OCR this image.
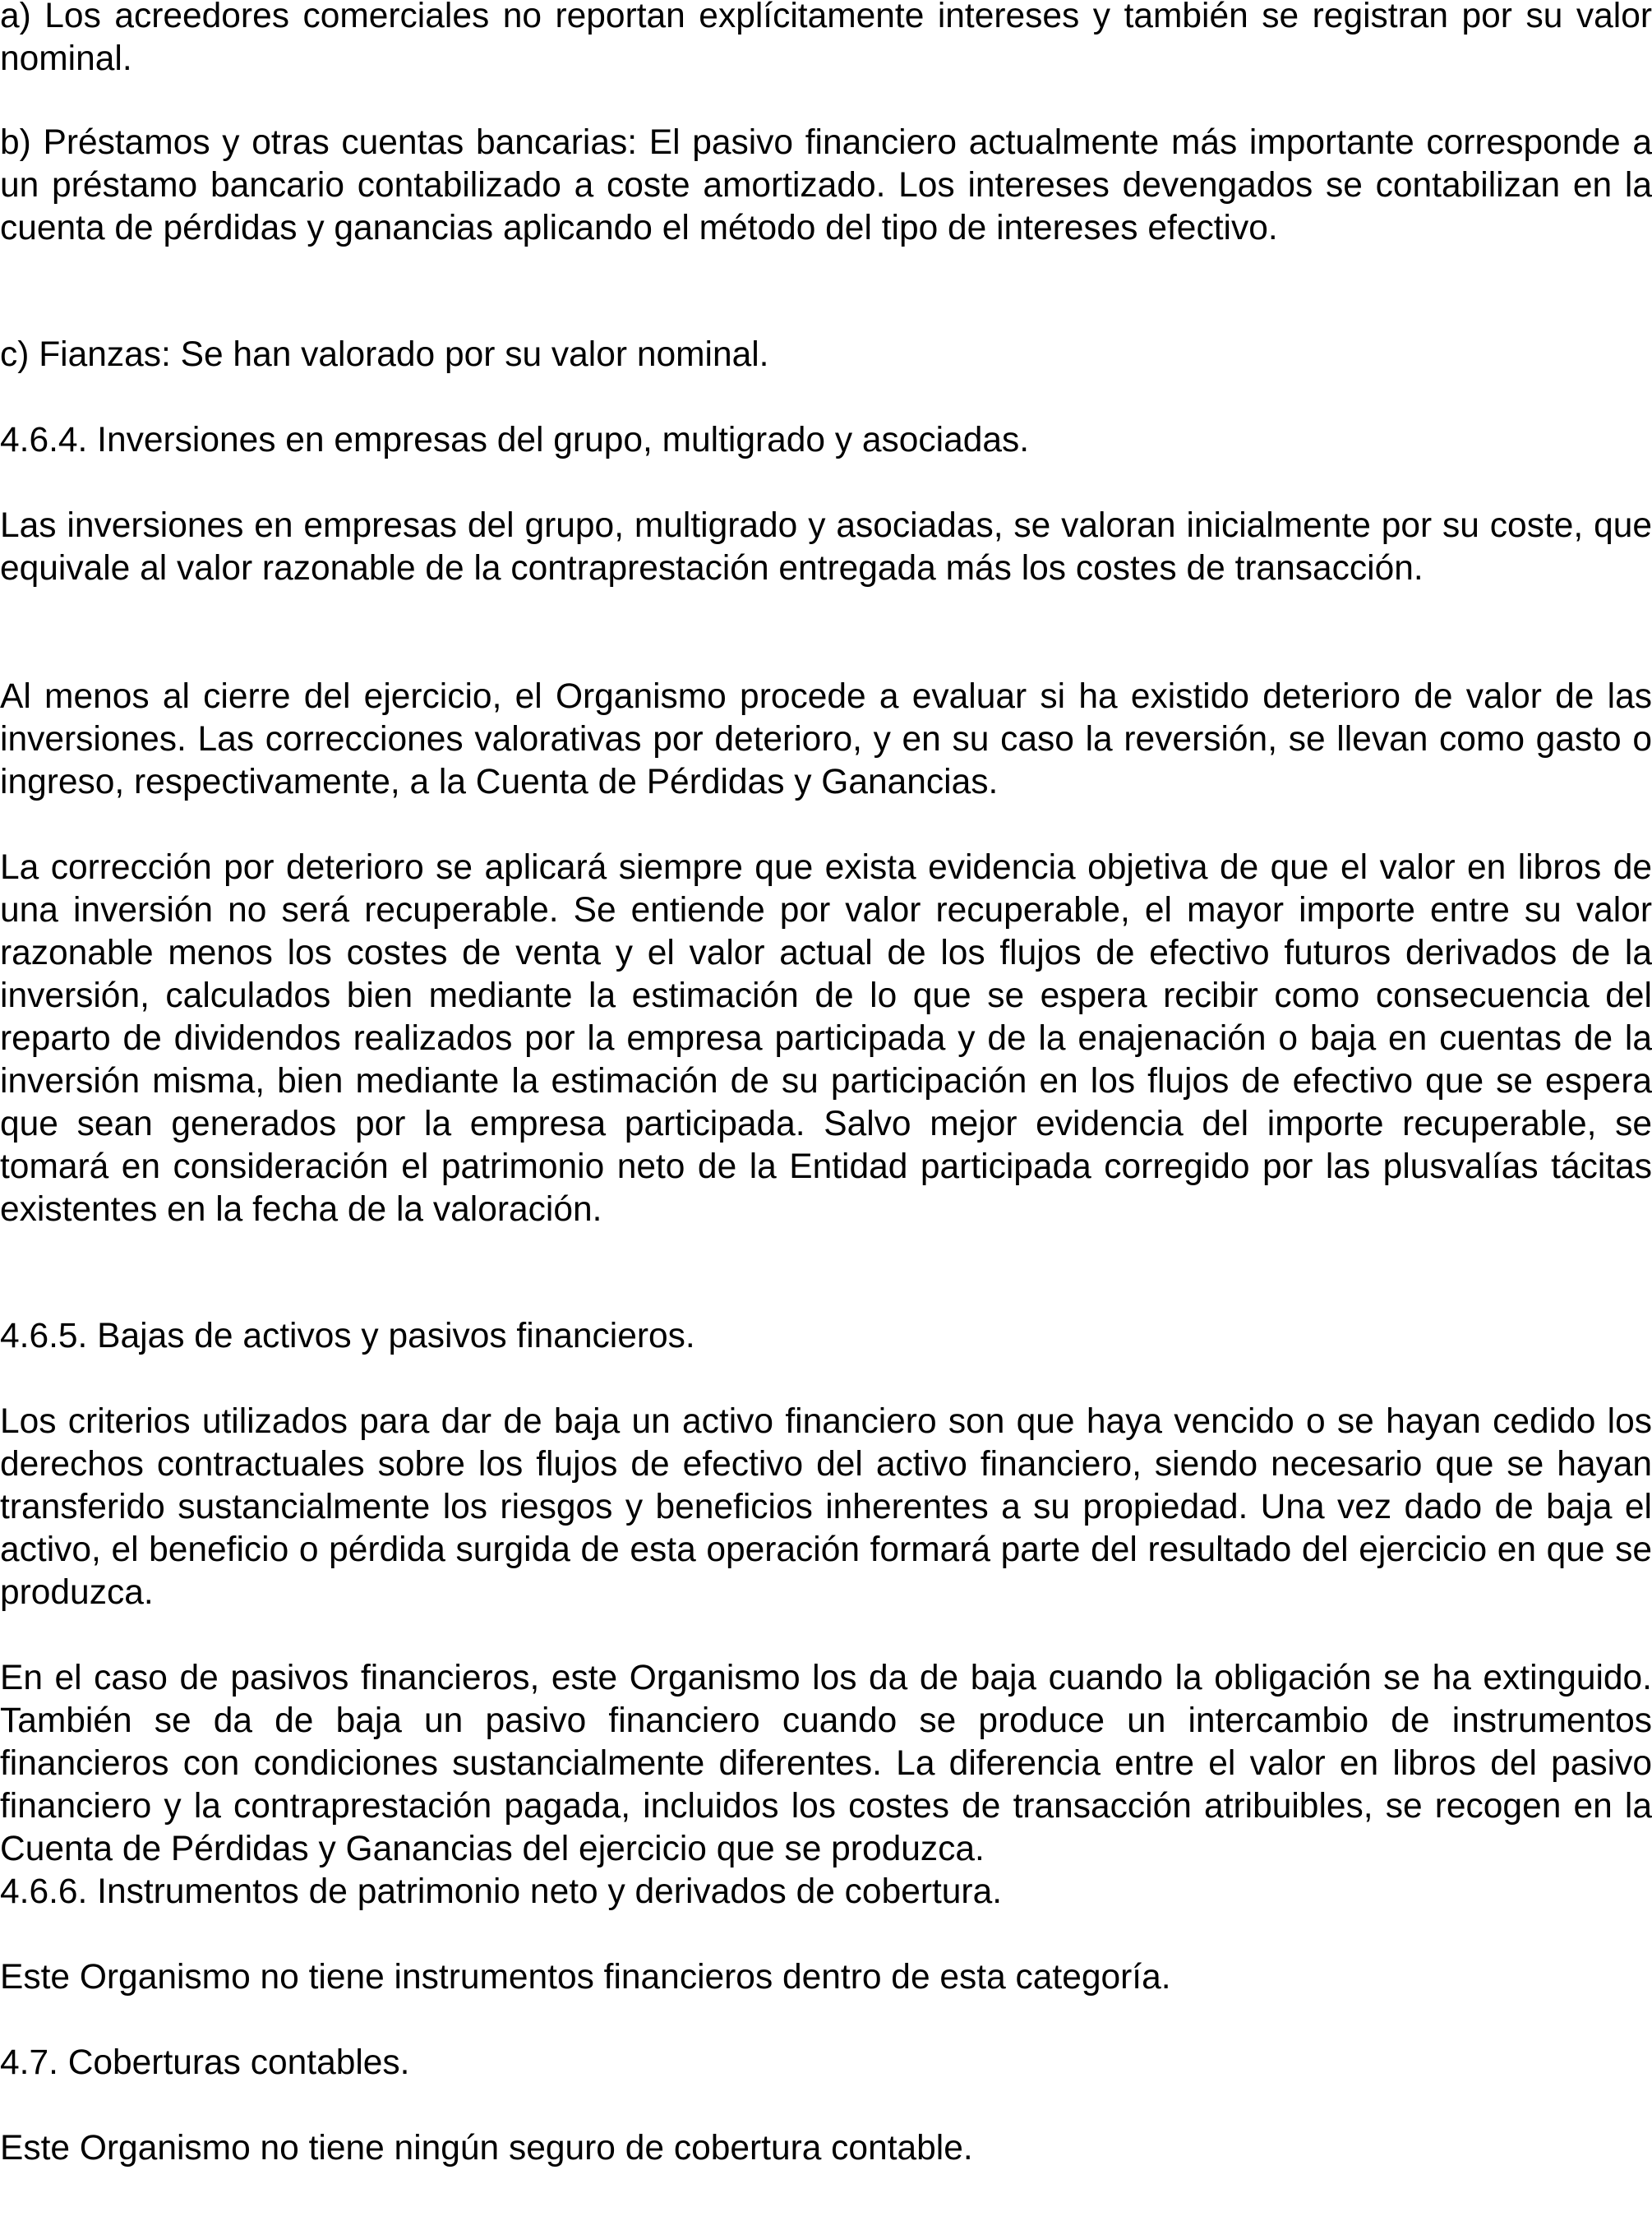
a) Los acreedores comerciales no reportan explícitamente intereses y también se registran por su valor nominal.

b) Préstamos y otras cuentas bancarias: El pasivo financiero actualmente más importante corresponde a un préstamo bancario contabilizado a coste amortizado. Los intereses devengados se contabilizan en la cuenta de pérdidas y ganancias aplicando el método del tipo de intereses efectivo.

c) Fianzas: Se han valorado por su valor nominal.

4.6.4. Inversiones en empresas del grupo, multigrado y asociadas.

Las inversiones en empresas del grupo, multigrado y asociadas, se valoran inicialmente por su coste, que equivale al valor razonable de la contraprestación entregada más los costes de transacción.

Al menos al cierre del ejercicio, el Organismo procede a evaluar si ha existido deterioro de valor de las inversiones. Las correcciones valorativas por deterioro, y en su caso la reversión, se llevan como gasto o ingreso, respectivamente, a la Cuenta de Pérdidas y Ganancias.

La corrección por deterioro se aplicará siempre que exista evidencia objetiva de que el valor en libros de una inversión no será recuperable. Se entiende por valor recuperable, el mayor importe entre su valor razonable menos los costes de venta y el valor actual de los flujos de efectivo futuros derivados de la inversión, calculados bien mediante la estimación de lo que se espera recibir como consecuencia del reparto de dividendos realizados por la empresa participada y de la enajenación o baja en cuentas de la inversión misma, bien mediante la estimación de su participación en los flujos de efectivo que se espera que sean generados por la empresa participada. Salvo mejor evidencia del importe recuperable, se tomará en consideración el patrimonio neto de la Entidad participada corregido por las plusvalías tácitas existentes en la fecha de la valoración.

4.6.5. Bajas de activos y pasivos financieros.

Los criterios utilizados para dar de baja un activo financiero son que haya vencido o se hayan cedido los derechos contractuales sobre los flujos de efectivo del activo financiero, siendo necesario que se hayan transferido sustancialmente los riesgos y beneficios inherentes a su propiedad. Una vez dado de baja el activo, el beneficio o pérdida surgida de esta operación formará parte del resultado del ejercicio en que se produzca.

En el caso de pasivos financieros, este Organismo los da de baja cuando la obligación se ha extinguido. También se da de baja un pasivo financiero cuando se produce un intercambio de instrumentos financieros con condiciones sustancialmente diferentes. La diferencia entre el valor en libros del pasivo financiero y la contraprestación pagada, incluidos los costes de transacción atribuibles, se recogen en la Cuenta de Pérdidas y Ganancias del ejercicio que se produzca.

4.6.6. Instrumentos de patrimonio neto y derivados de cobertura.

Este Organismo no tiene instrumentos financieros dentro de esta categoría.

4.7. Coberturas contables.

Este Organismo no tiene ningún seguro de cobertura contable.
